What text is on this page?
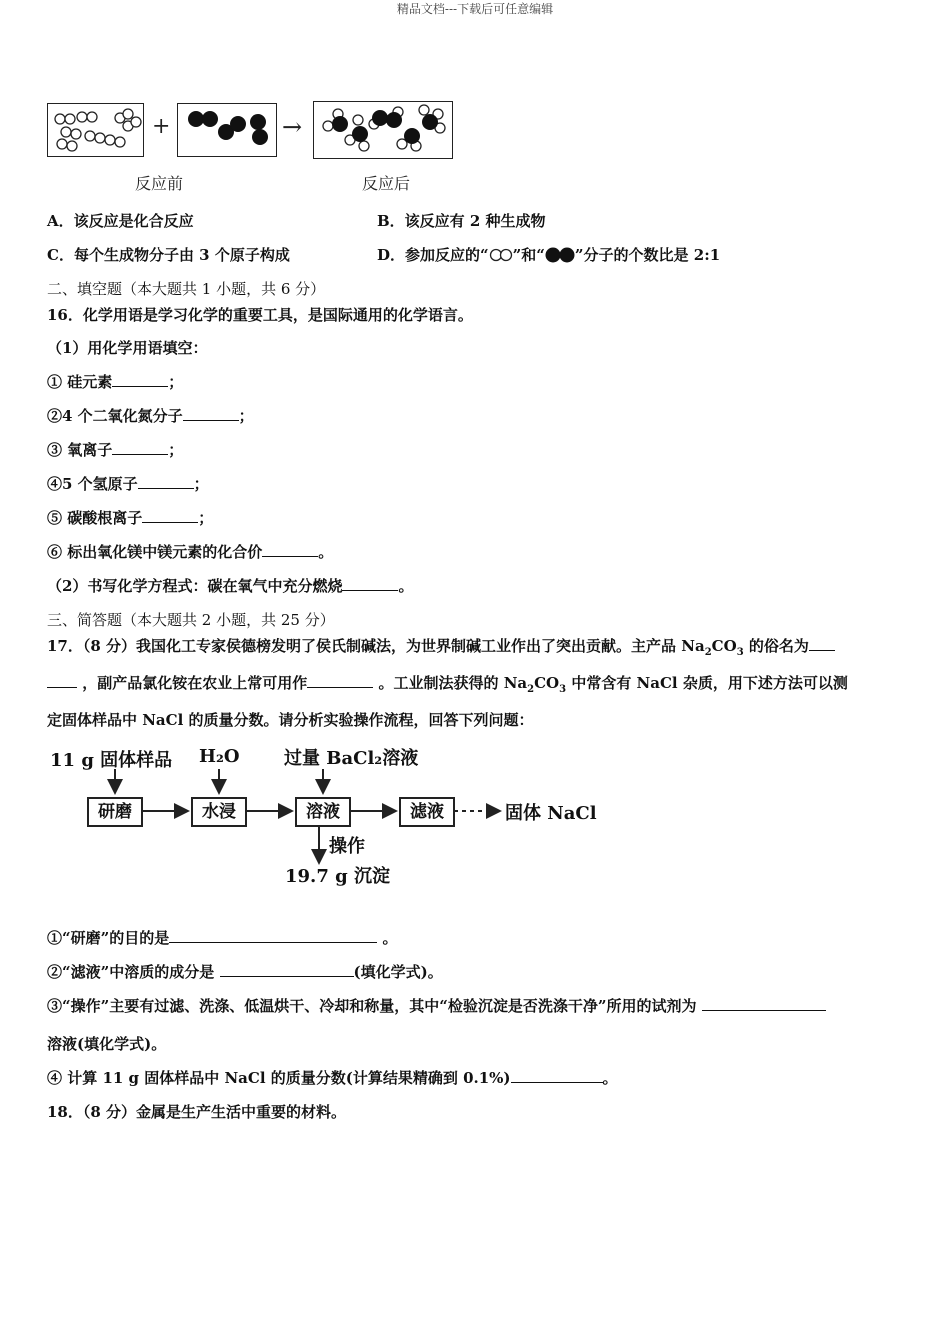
精品文档---下载后可任意编辑
+	→
反应前	反应后
A．该反应是化合反应	B．该反应有 2 种生成物
C．每个生成物分子由 3 个原子构成	D．参加反应的“ ”和“ ”分子的个数比是 2:1
二、填空题（本大题共 1 小题，共 6 分）
16．化学用语是学习化学的重要工具，是国际通用的化学语言。
（1）用化学用语填空：
① 硅元素	；
②4 个二氧化氮分子	；
③ 氧离子	；
④5 个氢原子	；
⑤ 碳酸根离子	；
⑥ 标出氧化镁中镁元素的化合价	。
（2）书写化学方程式：碳在氧气中充分燃烧	。
三、简答题（本大题共 2 小题，共 25 分）
17．（8 分）我国化工专家侯德榜发明了侯氏制碱法，为世界制碱工业作出了突出贡献。主产品 $Na_2CO_3$ 的俗名为
，副产品氯化铵在农业上常可用作	。工业制法获得的 $Na_2CO_3$ 中常含有 NaCl 杂质，用下述方法可以测
定固体样品中 NaCl 的质量分数。请分析实验操作流程，回答下列问题：
11 g 固体样品 H₂O 过量 BaCl₂溶液
研磨	水浸	溶液	滤液	固体 NaCl
操作
19.7 g 沉淀
①“研磨”的目的是	。
②“滤液”中溶质的成分是	(填化学式)。
③“操作”主要有过滤、洗涤、低温烘干、冷却和称量，其中“检验沉淀是否洗涤干净”所用的试剂为
溶液(填化学式)。
④ 计算 11 g 固体样品中 NaCl 的质量分数(计算结果精确到 0.1%)	。
18．（8 分）金属是生产生活中重要的材料。
